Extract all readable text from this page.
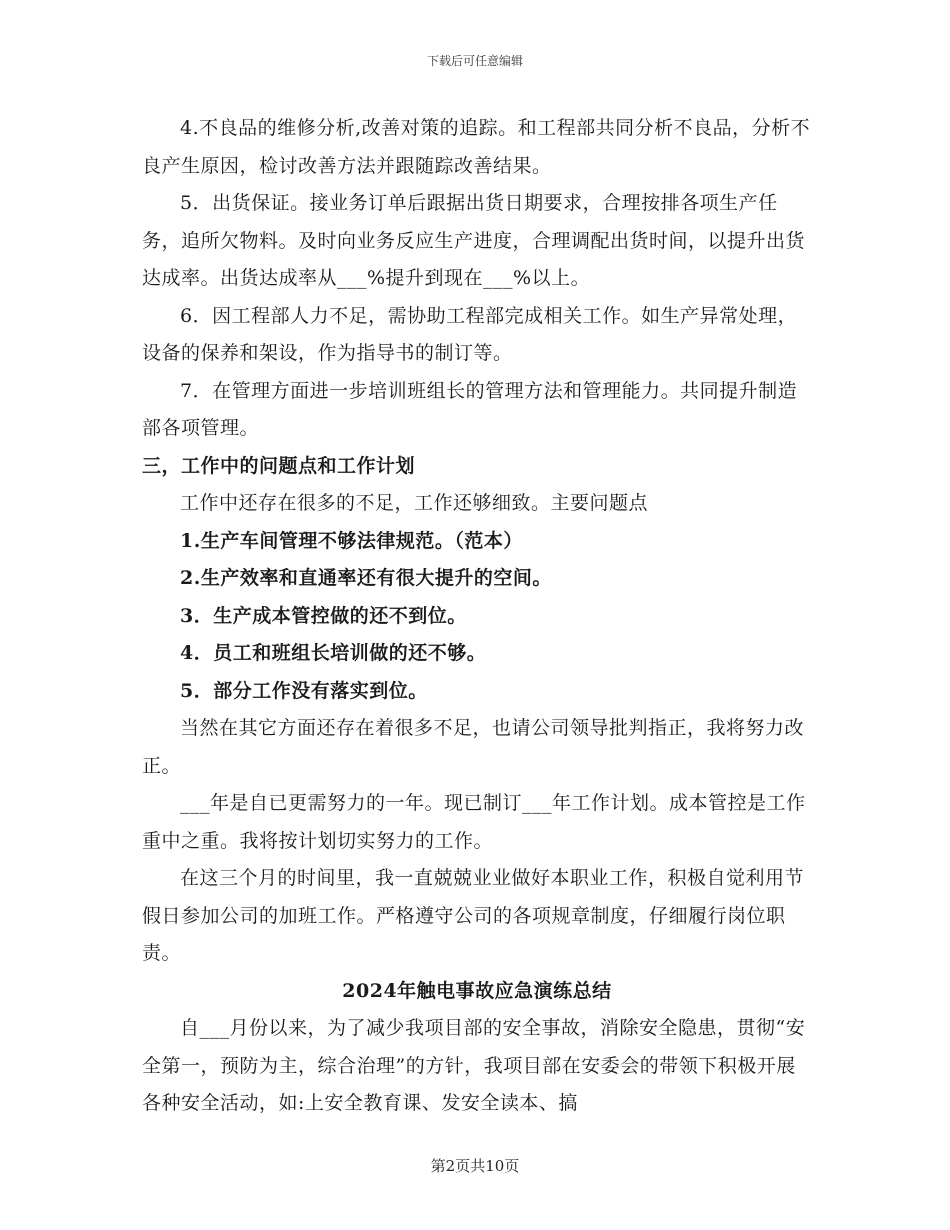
下载后可任意编辑

4.不良品的维修分析,改善对策的追踪。和工程部共同分析不良品，分析不良产生原因，检讨改善方法并跟随踪改善结果。

5．出货保证。接业务订单后跟据出货日期要求，合理按排各项生产任务，追所欠物料。及时向业务反应生产进度，合理调配出货时间，以提升出货达成率。出货达成率从___%提升到现在___%以上。

6．因工程部人力不足，需协助工程部完成相关工作。如生产异常处理，设备的保养和架设，作为指导书的制订等。

7．在管理方面进一步培训班组长的管理方法和管理能力。共同提升制造部各项管理。

三，工作中的问题点和工作计划

工作中还存在很多的不足，工作还够细致。主要问题点

1.生产车间管理不够法律规范。（范本）

2.生产效率和直通率还有很大提升的空间。

3．生产成本管控做的还不到位。

4．员工和班组长培训做的还不够。

5．部分工作没有落实到位。

当然在其它方面还存在着很多不足，也请公司领导批判指正，我将努力改正。

___年是自已更需努力的一年。现已制订___年工作计划。成本管控是工作重中之重。我将按计划切实努力的工作。

在这三个月的时间里，我一直兢兢业业做好本职业工作，积极自觉利用节假日参加公司的加班工作。严格遵守公司的各项规章制度，仔细履行岗位职责。

2024年触电事故应急演练总结

自___月份以来，为了减少我项目部的安全事故，消除安全隐患，贯彻“安全第一，预防为主，综合治理”的方针，我项目部在安委会的带领下积极开展各种安全活动，如:上安全教育课、发安全读本、搞

第2页共10页
